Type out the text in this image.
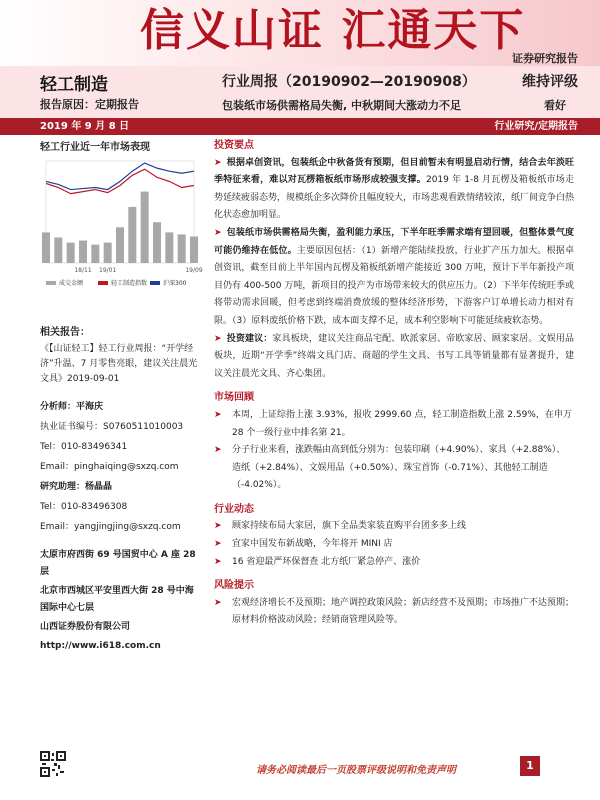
信义山证 汇通天下
证券研究报告
轻工制造
报告原因：定期报告
行业周报（20190902—20190908）	维持评级
包装纸市场供需格局失衡, 中秋期间大涨动力不足	看好
2019 年 9 月 8 日	行业研究/定期报告
轻工行业近一年市场表现
18/11 19/01	19/09
成交金额	轻工制造指数	沪深300
相关报告：
《【山证轻工】轻工行业周报：“开学经济”升温、7 月零售亮眼，建议关注晨光文具》2019-09-01
分析师：平海庆
执业证书编号：S0760511010003
Tel：010-83496341
Email：pinghaiqing@sxzq.com
研究助理：杨晶晶
Tel：010-83496308
Email：yangjingjing@sxzq.com
太原市府西街 69 号国贸中心 A 座 28 层
北京市西城区平安里西大街 28 号中海国际中心七层
山西证券股份有限公司
http://www.i618.com.cn
投资要点
➤ 根据卓创资讯，包装纸企中秋备货有预期，但目前暂未有明显启动行情，结合去年淡旺季特征来看，难以对瓦楞箱板纸市场形成较强支撑。2019 年 1-8 月瓦楞及箱板纸市场走势延续疲弱态势，规模纸企多次降价且幅度较大，市场悲观看跌情绪较浓，纸厂间竞争白热化状态愈加明显。
➤ 包装纸市场供需格局失衡，盈利能力承压，下半年旺季需求端有望回暖，但整体景气度可能仍维持在低位。主要原因包括：（1）新增产能陆续投放，行业扩产压力加大。根据卓创资讯，截至目前上半年国内瓦楞及箱板纸新增产能接近 300 万吨，预计下半年新投产项目仍有 400-500 万吨，新项目的投产为市场带来较大的供应压力。（2）下半年传统旺季或将带动需求回暖，但考虑到终端消费放缓的整体经济形势，下游客户订单增长动力相对有限。（3）原料废纸价格下跌，成本面支撑不足，成本利空影响下可能延续疲软态势。
➤ 投资建议：家具板块，建议关注商品宅配、欧派家居、帝欧家居、顾家家居。文娱用品板块，近期“开学季”终端文具门店、商超的学生文具、书写工具等销量都有显著提升，建议关注晨光文具、齐心集团。
市场回顾
➤ 本周，上证综指上涨 3.93%，报收 2999.60 点，轻工制造指数上涨 2.59%，在申万 28 个一级行业中排名第 21。
➤ 分子行业来看，涨跌幅由高到低分别为：包装印刷（+4.90%）、家具（+2.88%）、造纸（+2.84%）、文娱用品（+0.50%）、珠宝首饰（-0.71%）、其他轻工制造（-4.02%）。
行业动态
➤ 顾家持续布局大家居，旗下全品类家装直购平台团多多上线
➤ 宜家中国发布新战略，今年将开 MINI 店
➤ 16 省迎最严环保督查 北方纸厂紧急停产、涨价
风险提示
➤ 宏观经济增长不及预期；地产调控政策风险；新店经营不及预期；市场推广不达预期；原材料价格波动风险；经销商管理风险等。
请务必阅读最后一页股票评级说明和免责声明	1
